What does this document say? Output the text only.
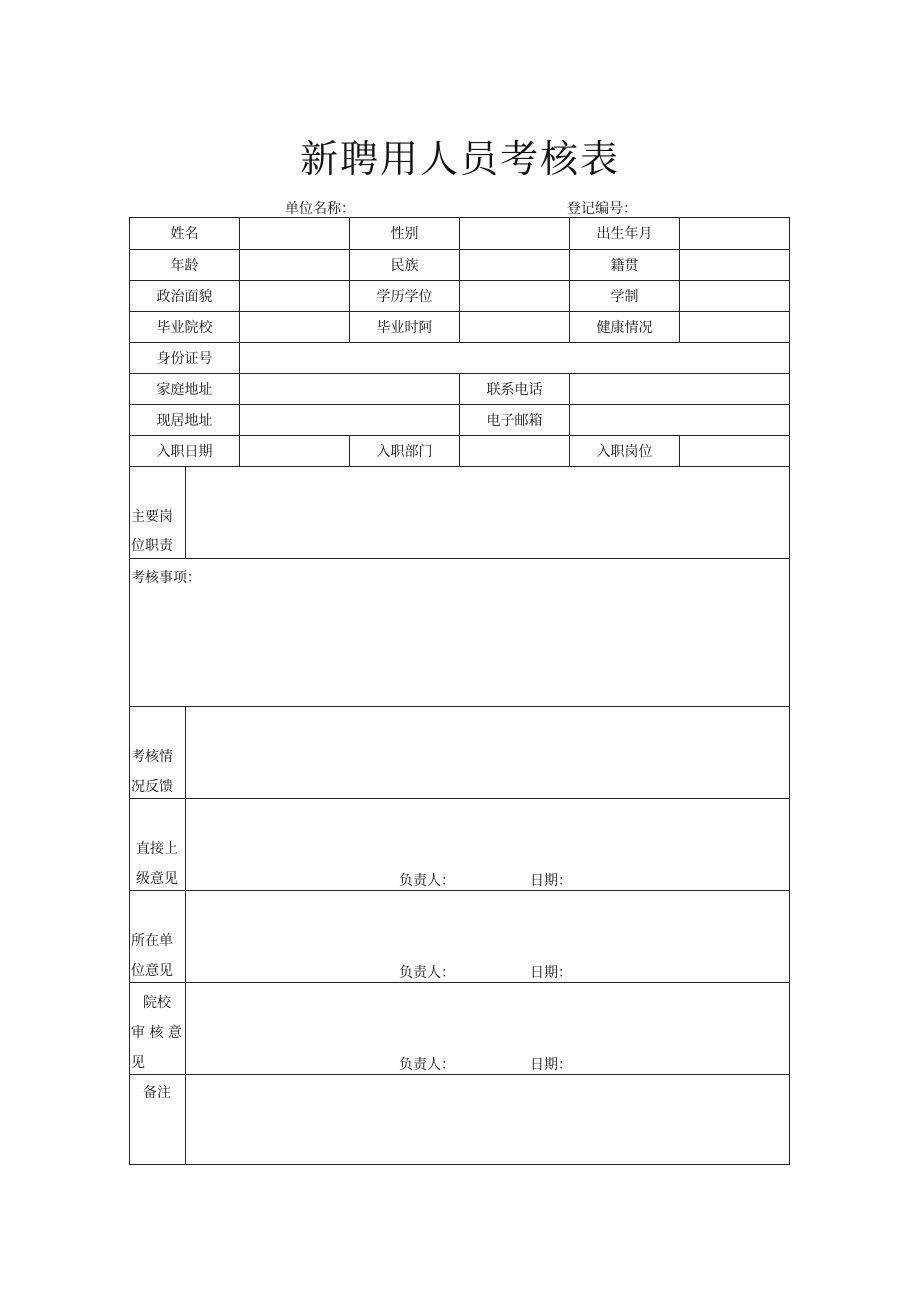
新聘用人员考核表
单位名称：	登记编号：
姓名	性别	出生年月
年龄	民族	籍贯
政治面貌	学历学位	学制
毕业院校	毕业时阿	健康情况
身份证号
家庭地址	联系电话
现居地址	电子邮箱
入职日期	入职部门	入职岗位
主要岗
位职责
考核事项：
考核情
况反馈
直接上
级意见	负责人：	日期：
所在单
位意见	负责人：	日期：
院校
审 核 意
见	负责人：	日期：
备注
